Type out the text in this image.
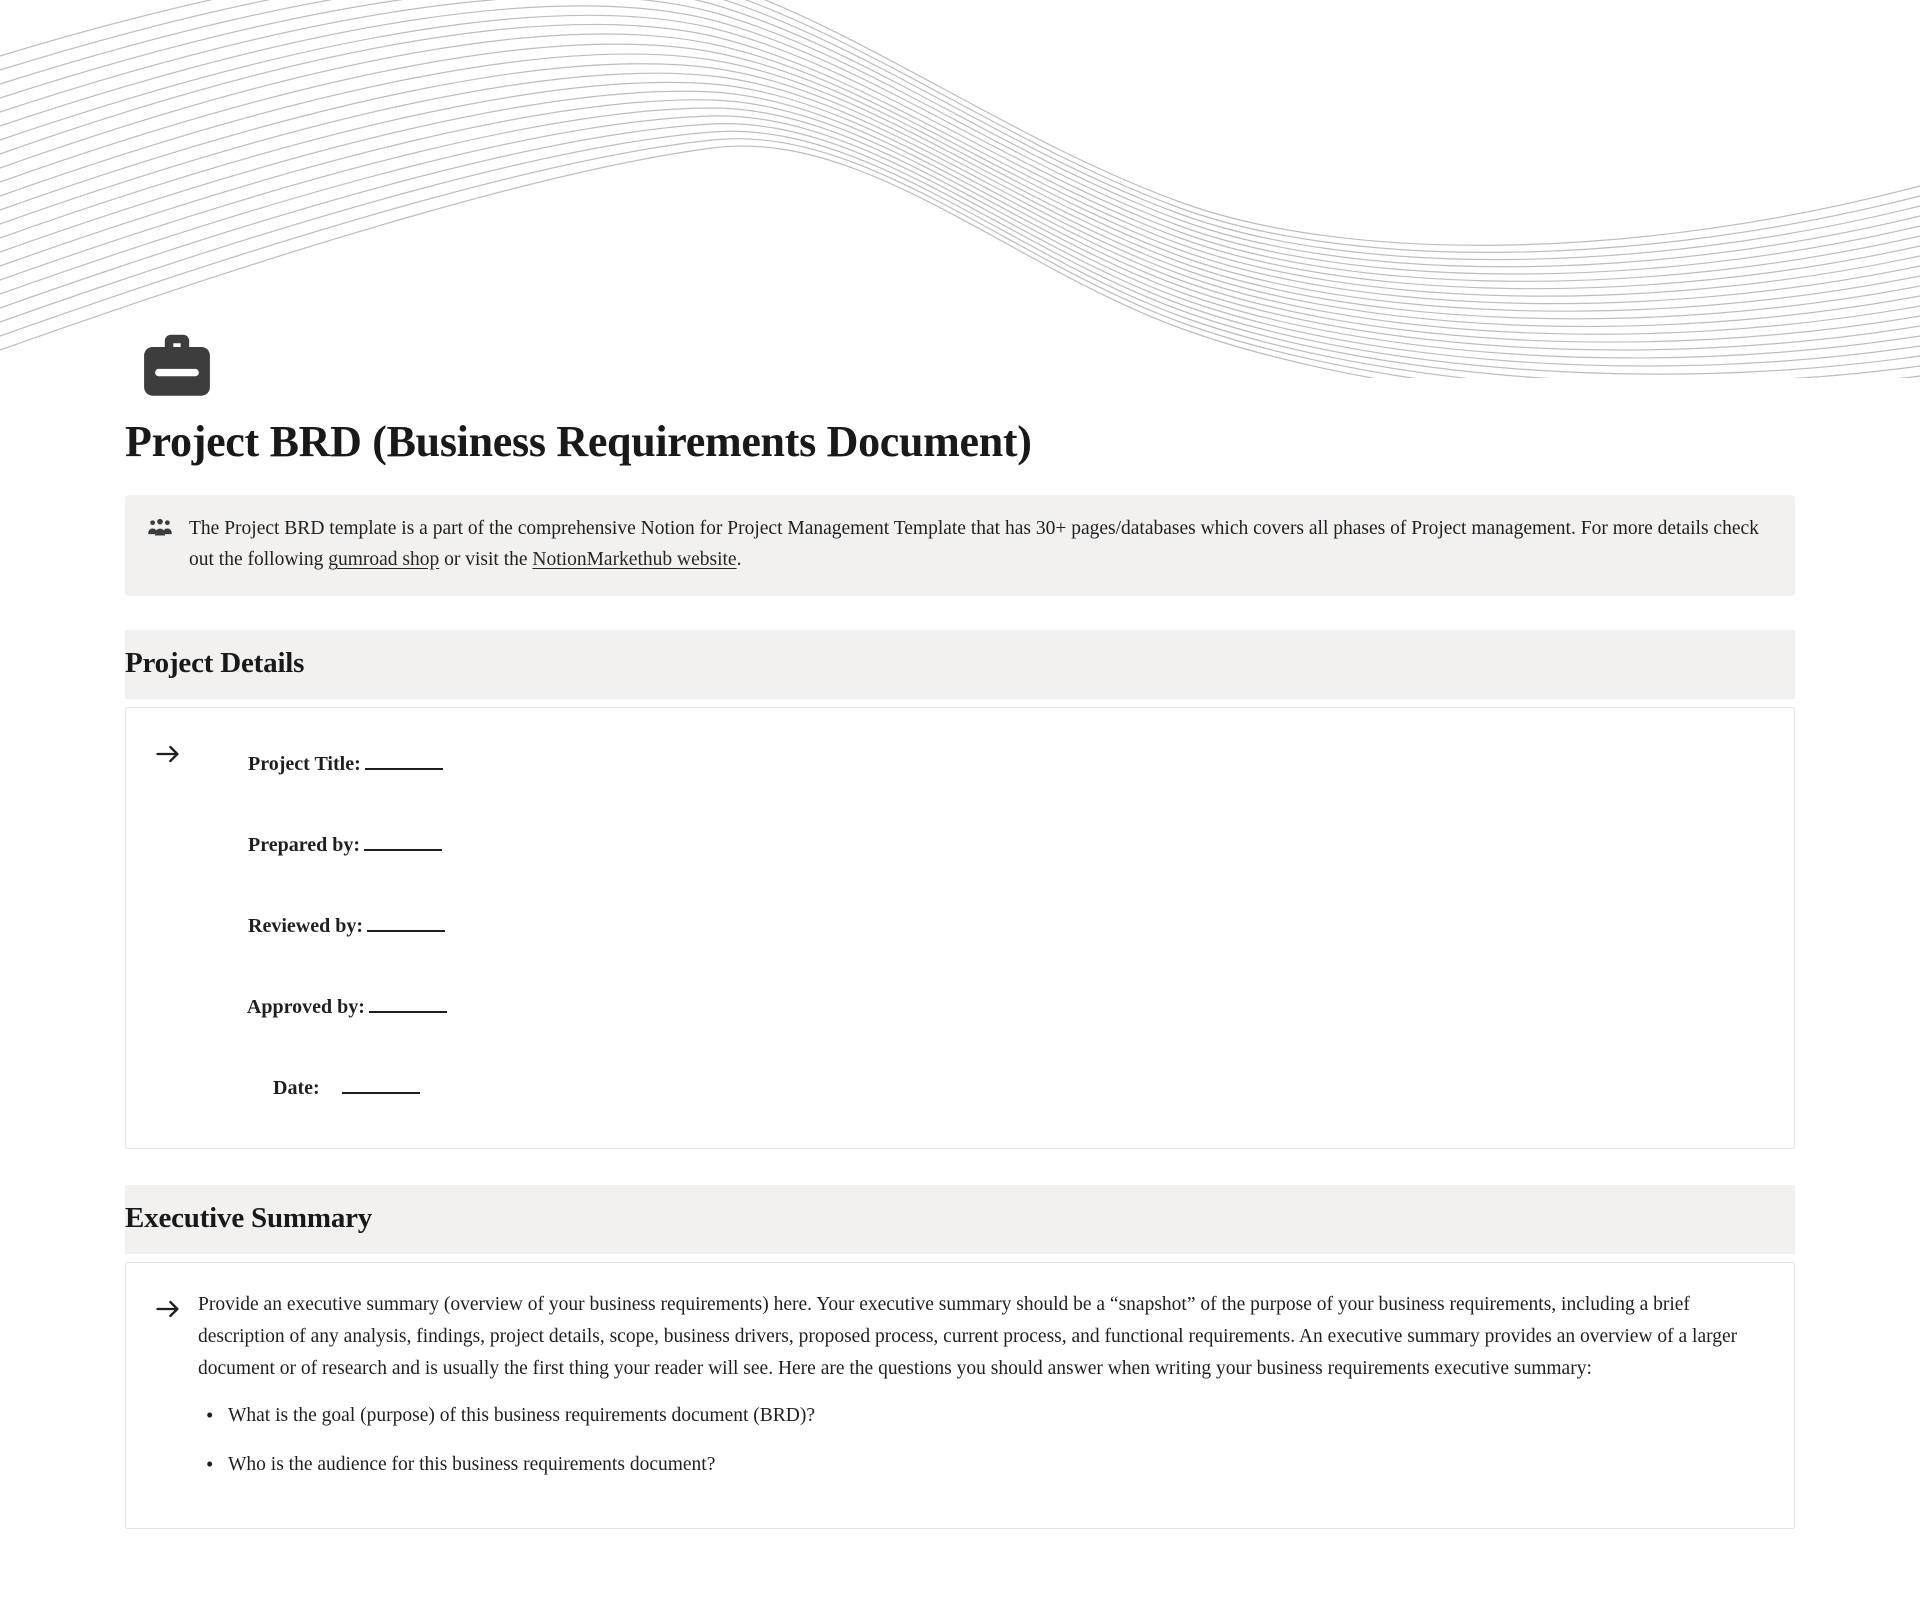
Project BRD (Business Requirements Document)
The Project BRD template is a part of the comprehensive Notion for Project Management Template that has 30+ pages/databases which covers all phases of Project management. For more details check out the following gumroad shop or visit the NotionMarkethub website.
Project Details

Project Title:

Prepared by:

Reviewed by:

Approved by:

Date:

Executive Summary

Provide an executive summary (overview of your business requirements) here. Your executive summary should be a “snapshot” of the purpose of your business requirements, including a brief description of any analysis, findings, project details, scope, business drivers, proposed process, current process, and functional requirements. An executive summary provides an overview of a larger document or of research and is usually the first thing your reader will see. Here are the questions you should answer when writing your business requirements executive summary:

• What is the goal (purpose) of this business requirements document (BRD)?
• Who is the audience for this business requirements document?
